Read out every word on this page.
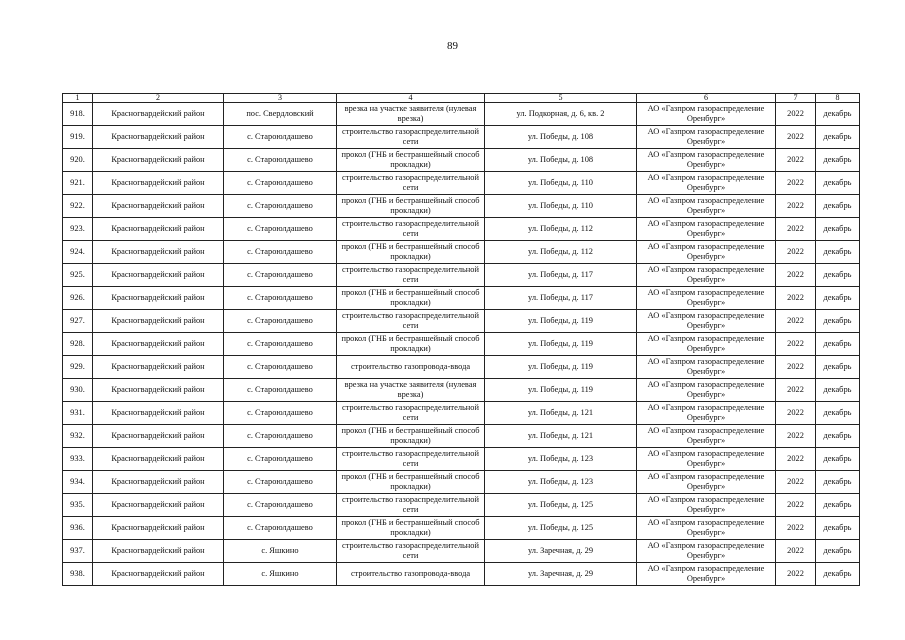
89
1	2	3	4	5	6	7	8
918.	Красногвардейский район	пос. Свердловский	врезка на участке заявителя (нулевая врезка)	ул. Подкорная, д. 6, кв. 2	АО «Газпром газораспределение Оренбург»	2022	декабрь
919.	Красногвардейский район	с. Староюлдашево	строительство газораспределительной сети	ул. Победы, д. 108	АО «Газпром газораспределение Оренбург»	2022	декабрь
920.	Красногвардейский район	с. Староюлдашево	прокол (ГНБ и бестраншейный способ прокладки)	ул. Победы, д. 108	АО «Газпром газораспределение Оренбург»	2022	декабрь
921.	Красногвардейский район	с. Староюлдашево	строительство газораспределительной сети	ул. Победы, д. 110	АО «Газпром газораспределение Оренбург»	2022	декабрь
922.	Красногвардейский район	с. Староюлдашево	прокол (ГНБ и бестраншейный способ прокладки)	ул. Победы, д. 110	АО «Газпром газораспределение Оренбург»	2022	декабрь
923.	Красногвардейский район	с. Староюлдашево	строительство газораспределительной сети	ул. Победы, д. 112	АО «Газпром газораспределение Оренбург»	2022	декабрь
924.	Красногвардейский район	с. Староюлдашево	прокол (ГНБ и бестраншейный способ прокладки)	ул. Победы, д. 112	АО «Газпром газораспределение Оренбург»	2022	декабрь
925.	Красногвардейский район	с. Староюлдашево	строительство газораспределительной сети	ул. Победы, д. 117	АО «Газпром газораспределение Оренбург»	2022	декабрь
926.	Красногвардейский район	с. Староюлдашево	прокол (ГНБ и бестраншейный способ прокладки)	ул. Победы, д. 117	АО «Газпром газораспределение Оренбург»	2022	декабрь
927.	Красногвардейский район	с. Староюлдашево	строительство газораспределительной сети	ул. Победы, д. 119	АО «Газпром газораспределение Оренбург»	2022	декабрь
928.	Красногвардейский район	с. Староюлдашево	прокол (ГНБ и бестраншейный способ прокладки)	ул. Победы, д. 119	АО «Газпром газораспределение Оренбург»	2022	декабрь
929.	Красногвардейский район	с. Староюлдашево	строительство газопровода-ввода	ул. Победы, д. 119	АО «Газпром газораспределение Оренбург»	2022	декабрь
930.	Красногвардейский район	с. Староюлдашево	врезка на участке заявителя (нулевая врезка)	ул. Победы, д. 119	АО «Газпром газораспределение Оренбург»	2022	декабрь
931.	Красногвардейский район	с. Староюлдашево	строительство газораспределительной сети	ул. Победы, д. 121	АО «Газпром газораспределение Оренбург»	2022	декабрь
932.	Красногвардейский район	с. Староюлдашево	прокол (ГНБ и бестраншейный способ прокладки)	ул. Победы, д. 121	АО «Газпром газораспределение Оренбург»	2022	декабрь
933.	Красногвардейский район	с. Староюлдашево	строительство газораспределительной сети	ул. Победы, д. 123	АО «Газпром газораспределение Оренбург»	2022	декабрь
934.	Красногвардейский район	с. Староюлдашево	прокол (ГНБ и бестраншейный способ прокладки)	ул. Победы, д. 123	АО «Газпром газораспределение Оренбург»	2022	декабрь
935.	Красногвардейский район	с. Староюлдашево	строительство газораспределительной сети	ул. Победы, д. 125	АО «Газпром газораспределение Оренбург»	2022	декабрь
936.	Красногвардейский район	с. Староюлдашево	прокол (ГНБ и бестраншейный способ прокладки)	ул. Победы, д. 125	АО «Газпром газораспределение Оренбург»	2022	декабрь
937.	Красногвардейский район	с. Яшкино	строительство газораспределительной сети	ул. Заречная, д. 29	АО «Газпром газораспределение Оренбург»	2022	декабрь
938.	Красногвардейский район	с. Яшкино	строительство газопровода-ввода	ул. Заречная, д. 29	АО «Газпром газораспределение Оренбург»	2022	декабрь
